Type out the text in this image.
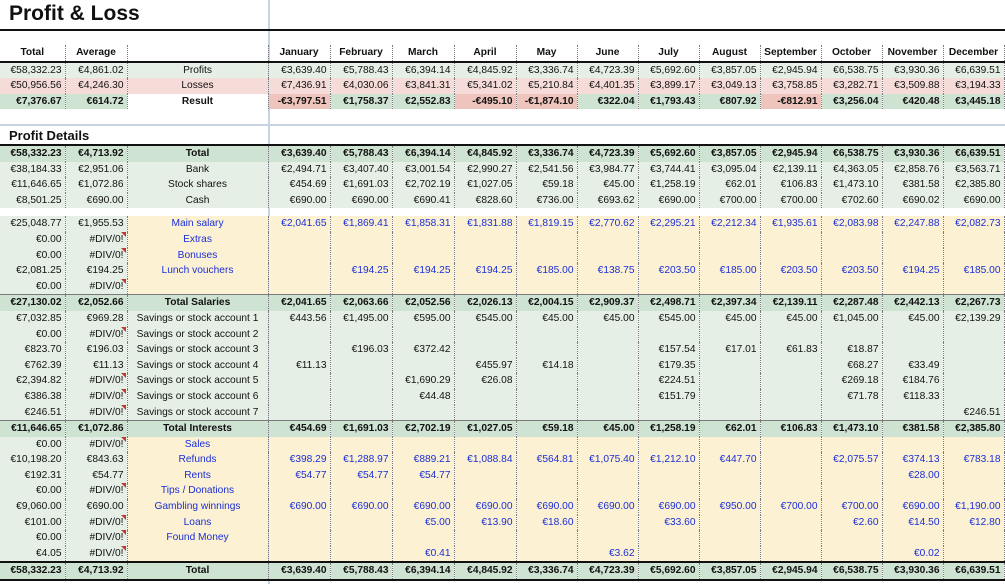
Profit & Loss
Profit Details
Total	Average		January	February	March	April	May	June	July	August	September	October	November	December
€58,332.23	€4,861.02	Profits	€3,639.40	€5,788.43	€6,394.14	€4,845.92	€3,336.74	€4,723.39	€5,692.60	€3,857.05	€2,945.94	€6,538.75	€3,930.36	€6,639.51
€50,956.56	€4,246.30	Losses	€7,436.91	€4,030.06	€3,841.31	€5,341.02	€5,210.84	€4,401.35	€3,899.17	€3,049.13	€3,758.85	€3,282.71	€3,509.88	€3,194.33
€7,376.67	€614.72	Result	-€3,797.51	€1,758.37	€2,552.83	-€495.10	-€1,874.10	€322.04	€1,793.43	€807.92	-€812.91	€3,256.04	€420.48	€3,445.18
€58,332.23	€4,713.92	Total	€3,639.40	€5,788.43	€6,394.14	€4,845.92	€3,336.74	€4,723.39	€5,692.60	€3,857.05	€2,945.94	€6,538.75	€3,930.36	€6,639.51
€38,184.33	€2,951.06	Bank	€2,494.71	€3,407.40	€3,001.54	€2,990.27	€2,541.56	€3,984.77	€3,744.41	€3,095.04	€2,139.11	€4,363.05	€2,858.76	€3,563.71
€11,646.65	€1,072.86	Stock shares	€454.69	€1,691.03	€2,702.19	€1,027.05	€59.18	€45.00	€1,258.19	€62.01	€106.83	€1,473.10	€381.58	€2,385.80
€8,501.25	€690.00	Cash	€690.00	€690.00	€690.41	€828.60	€736.00	€693.62	€690.00	€700.00	€700.00	€702.60	€690.02	€690.00

€25,048.77	€1,955.53	Main salary	€2,041.65	€1,869.41	€1,858.31	€1,831.88	€1,819.15	€2,770.62	€2,295.21	€2,212.34	€1,935.61	€2,083.98	€2,247.88	€2,082.73
€0.00	#DIV/0!	Extras												
€0.00	#DIV/0!	Bonuses												
€2,081.25	€194.25	Lunch vouchers		€194.25	€194.25	€194.25	€185.00	€138.75	€203.50	€185.00	€203.50	€203.50	€194.25	€185.00
€0.00	#DIV/0!													
€27,130.02	€2,052.66	Total Salaries	€2,041.65	€2,063.66	€2,052.56	€2,026.13	€2,004.15	€2,909.37	€2,498.71	€2,397.34	€2,139.11	€2,287.48	€2,442.13	€2,267.73
€7,032.85	€969.28	Savings or stock account 1	€443.56	€1,495.00	€595.00	€545.00	€45.00	€45.00	€545.00	€45.00	€45.00	€1,045.00	€45.00	€2,139.29
€0.00	#DIV/0!	Savings or stock account 2												
€823.70	€196.03	Savings or stock account 3		€196.03	€372.42				€157.54	€17.01	€61.83	€18.87		
€762.39	€11.13	Savings or stock account 4	€11.13			€455.97	€14.18		€179.35			€68.27	€33.49	
€2,394.82	#DIV/0!	Savings or stock account 5			€1,690.29	€26.08			€224.51			€269.18	€184.76	
€386.38	#DIV/0!	Savings or stock account 6			€44.48				€151.79			€71.78	€118.33	
€246.51	#DIV/0!	Savings or stock account 7												€246.51
€11,646.65	€1,072.86	Total Interests	€454.69	€1,691.03	€2,702.19	€1,027.05	€59.18	€45.00	€1,258.19	€62.01	€106.83	€1,473.10	€381.58	€2,385.80
€0.00	#DIV/0!	Sales												
€10,198.20	€843.63	Refunds	€398.29	€1,288.97	€889.21	€1,088.84	€564.81	€1,075.40	€1,212.10	€447.70		€2,075.57	€374.13	€783.18
€192.31	€54.77	Rents	€54.77	€54.77	€54.77								€28.00	
€0.00	#DIV/0!	Tips / Donations												
€9,060.00	€690.00	Gambling winnings	€690.00	€690.00	€690.00	€690.00	€690.00	€690.00	€690.00	€950.00	€700.00	€700.00	€690.00	€1,190.00
€101.00	#DIV/0!	Loans			€5.00	€13.90	€18.60		€33.60			€2.60	€14.50	€12.80
€0.00	#DIV/0!	Found Money												
€4.05	#DIV/0!				€0.41			€3.62					€0.02	
€58,332.23	€4,713.92	Total	€3,639.40	€5,788.43	€6,394.14	€4,845.92	€3,336.74	€4,723.39	€5,692.60	€3,857.05	€2,945.94	€6,538.75	€3,930.36	€6,639.51
